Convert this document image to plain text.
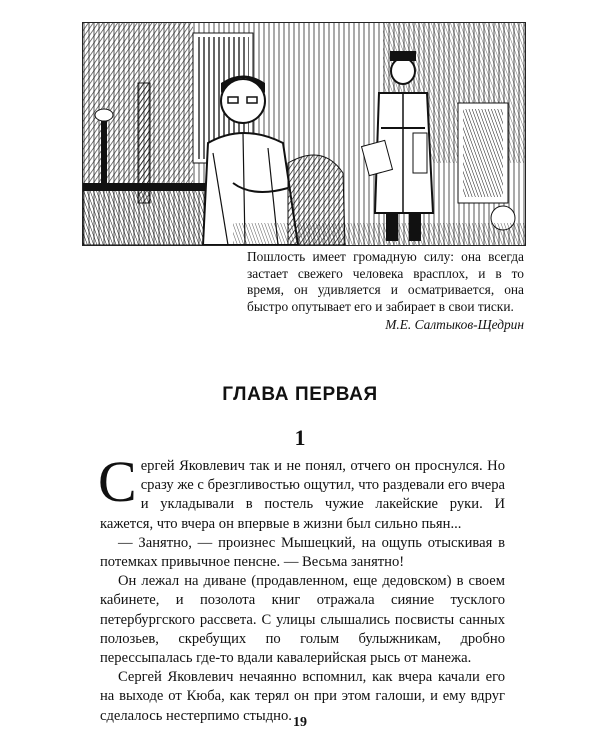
Пошлость имеет громадную силу: она всегда застает свежего человека врасплох, и в то время, он удивляется и осматривается, она быстро опутывает его и забирает в свои тиски.

М.Е. Салтыков-Щедрин

ГЛАВА ПЕРВАЯ
1

Сергей Яковлевич так и не понял, отчего он проснулся. Но сразу же с брезгливостью ощутил, что раздевали его вчера и укладывали в постель чужие лакейские руки. И кажется, что вчера он впервые в жизни был сильно пьян...

— Занятно, — произнес Мышецкий, на ощупь отыскивая в потемках привычное пенсне. — Весьма занятно!

Он лежал на диване (продавленном, еще дедовском) в своем кабинете, и позолота книг отражала сияние тусклого петербургского рассвета. С улицы слышались посвисты санных полозьев, скребущих по голым булыжникам, дробно перессыпалась где-то вдали кавалерийская рысь от манежа.

Сергей Яковлевич нечаянно вспомнил, как вчера качали его на выходе от Кюба, как терял он при этом галоши, и ему вдруг сделалось нестерпимо стыдно. 19
